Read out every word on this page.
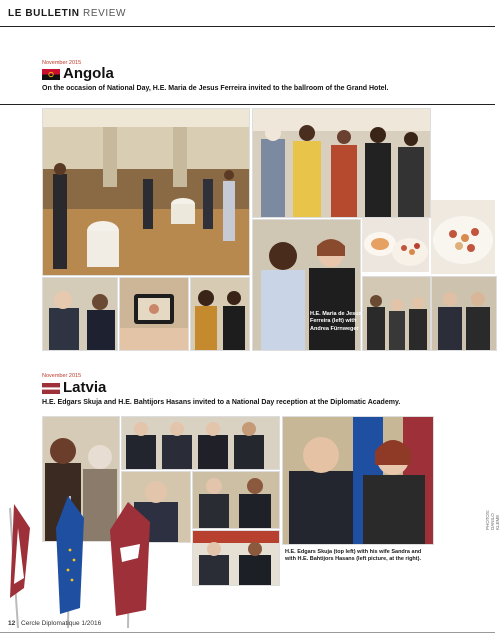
LE BULLETIN REVIEW
November 2015
Angola
On the occasion of National Day, H.E. Maria de Jesus Ferreira invited to the ballroom of the Grand Hotel.
H.E. Maria de Jesus Ferreira (left) with Andrea Fürnweger
November 2015
Latvia
H.E. Edgars Skuja and H.E. Bahtijors Hasans invited to a National Day reception at the Diplomatic Academy.
H.E. Edgars Skuja (top left) with his wife Sandra and with H.E. Bahtijors Hasans (left picture, at the right).
PHOTOS: DANILO KLEME
12 Cercle Diplomatique 1/2016
